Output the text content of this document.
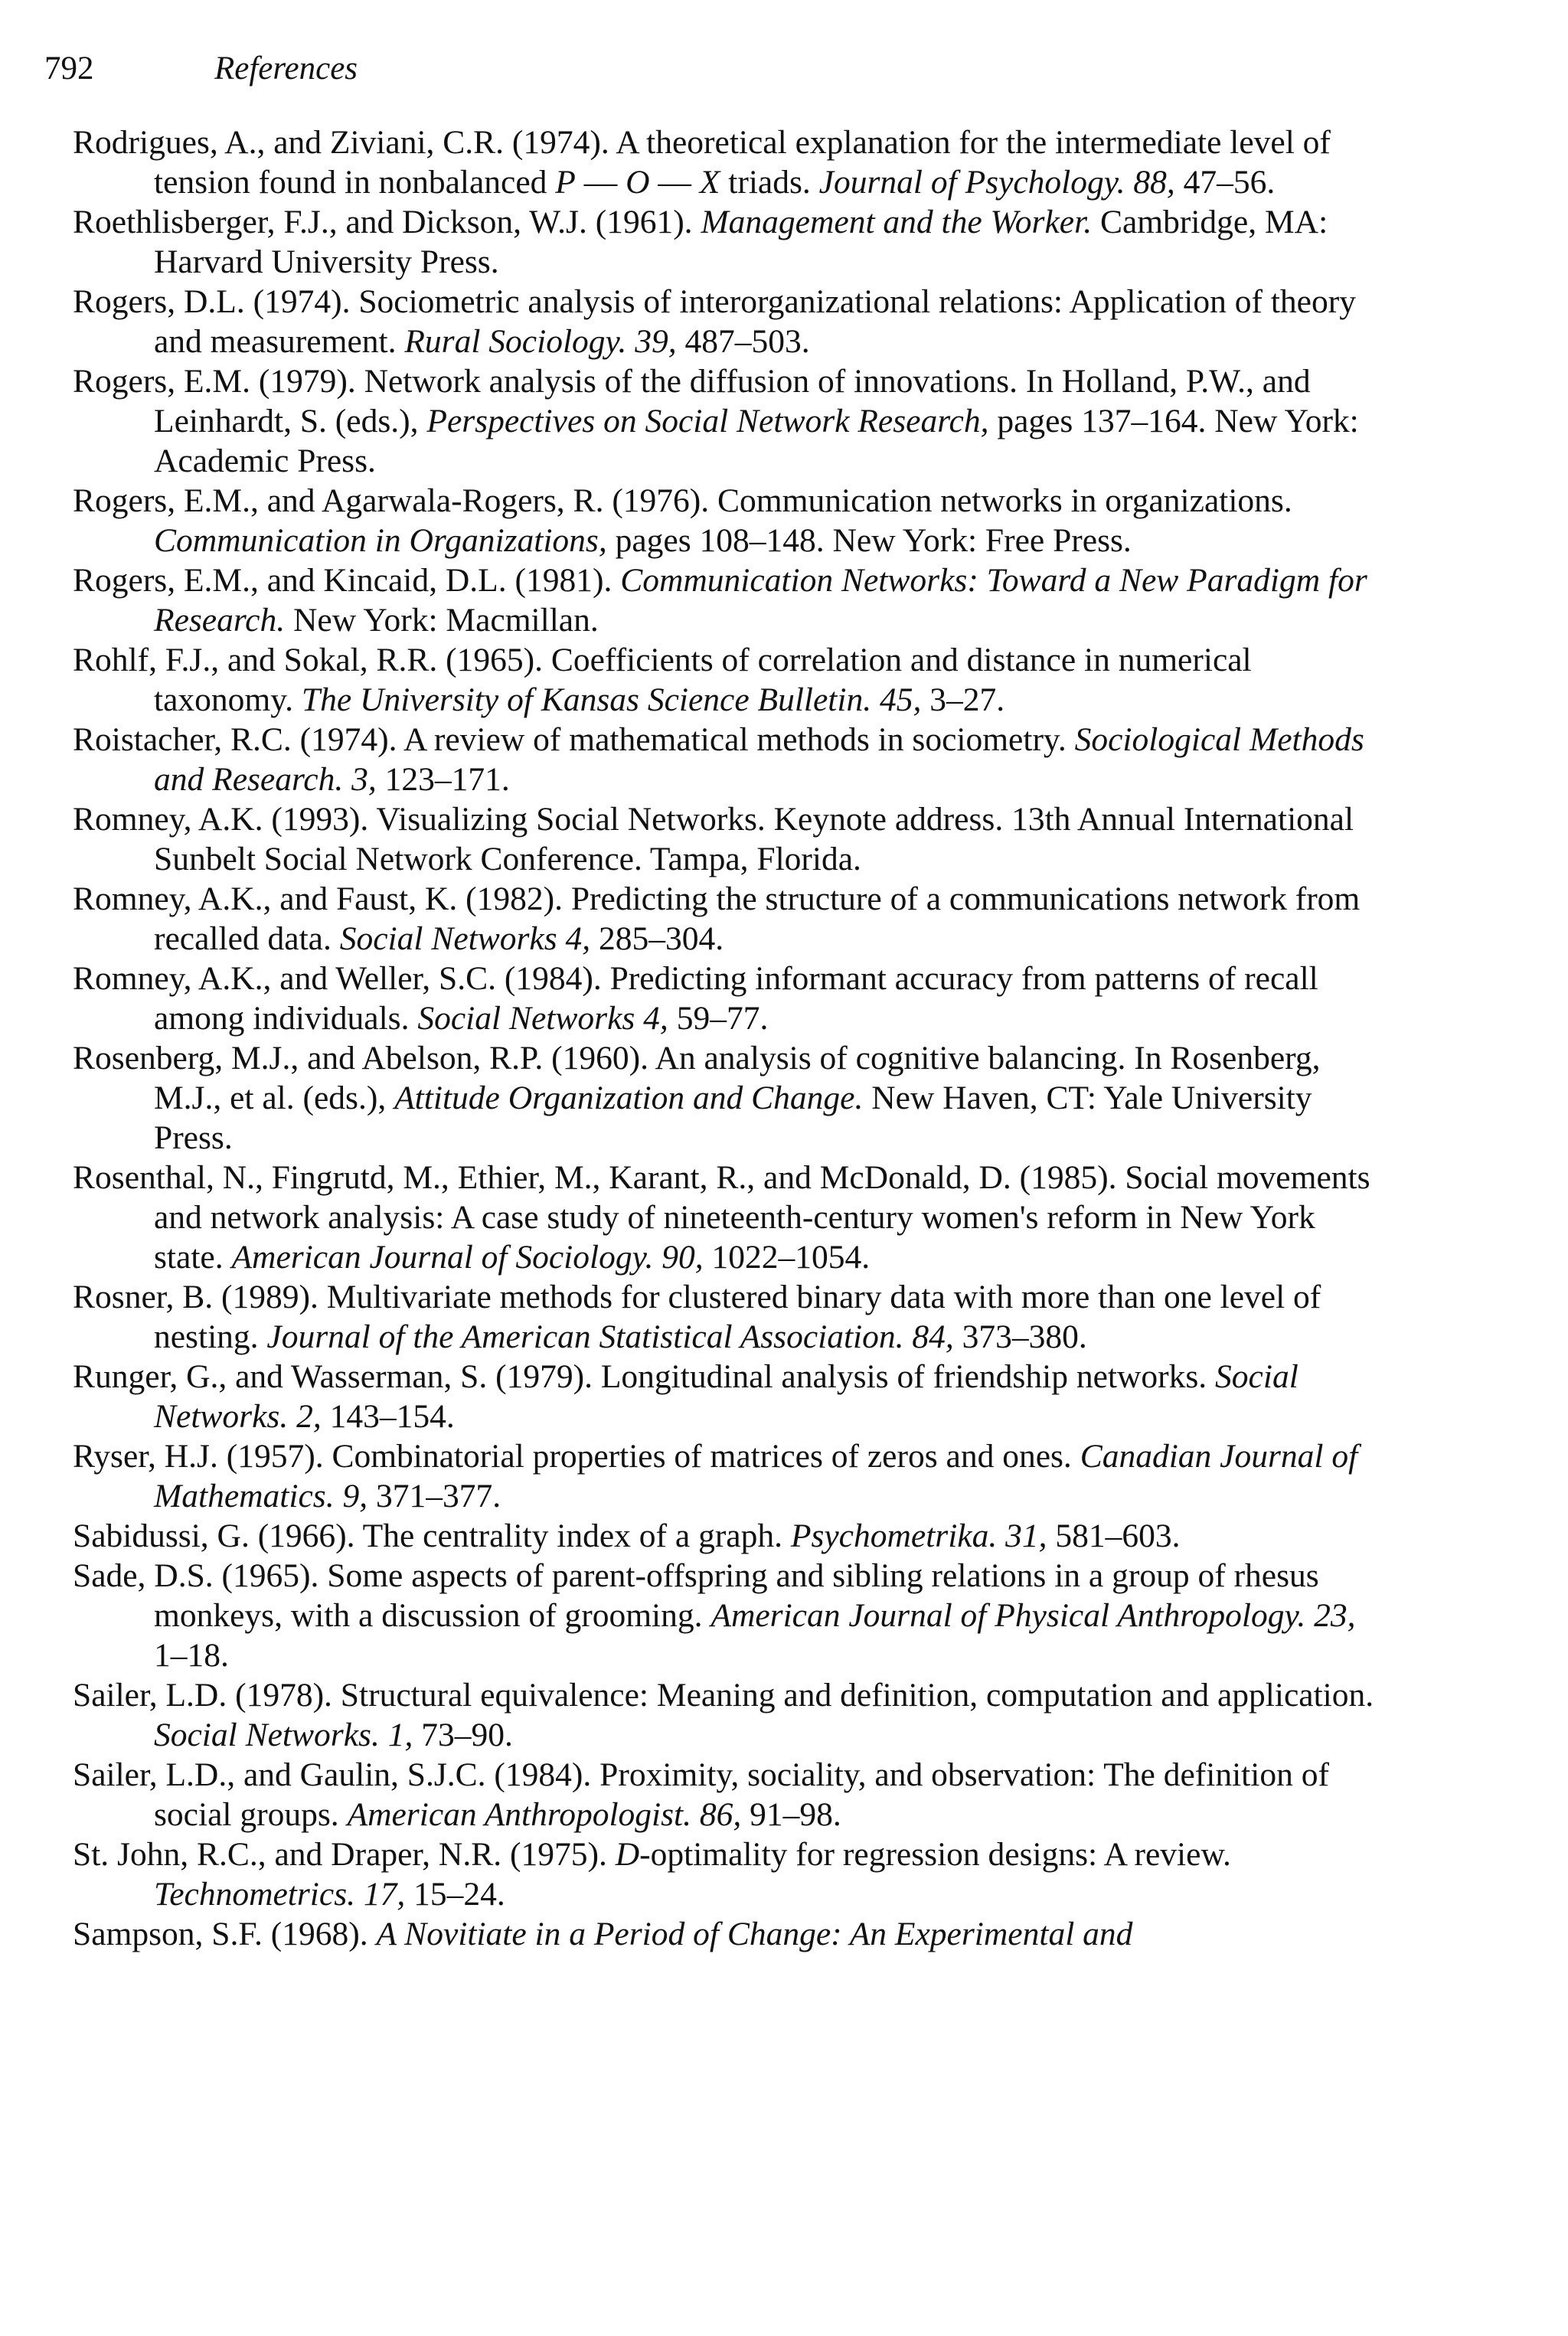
792	References

Rodrigues, A., and Ziviani, C.R. (1974). A theoretical explanation for the intermediate level of tension found in nonbalanced P — O — X triads. Journal of Psychology. 88, 47–56.

Roethlisberger, F.J., and Dickson, W.J. (1961). Management and the Worker. Cambridge, MA: Harvard University Press.

Rogers, D.L. (1974). Sociometric analysis of interorganizational relations: Application of theory and measurement. Rural Sociology. 39, 487–503.

Rogers, E.M. (1979). Network analysis of the diffusion of innovations. In Holland, P.W., and Leinhardt, S. (eds.), Perspectives on Social Network Research, pages 137–164. New York: Academic Press.

Rogers, E.M., and Agarwala-Rogers, R. (1976). Communication networks in organizations. Communication in Organizations, pages 108–148. New York: Free Press.

Rogers, E.M., and Kincaid, D.L. (1981). Communication Networks: Toward a New Paradigm for Research. New York: Macmillan.

Rohlf, F.J., and Sokal, R.R. (1965). Coefficients of correlation and distance in numerical taxonomy. The University of Kansas Science Bulletin. 45, 3–27.

Roistacher, R.C. (1974). A review of mathematical methods in sociometry. Sociological Methods and Research. 3, 123–171.

Romney, A.K. (1993). Visualizing Social Networks. Keynote address. 13th Annual International Sunbelt Social Network Conference. Tampa, Florida.

Romney, A.K., and Faust, K. (1982). Predicting the structure of a communications network from recalled data. Social Networks 4, 285–304.

Romney, A.K., and Weller, S.C. (1984). Predicting informant accuracy from patterns of recall among individuals. Social Networks 4, 59–77.

Rosenberg, M.J., and Abelson, R.P. (1960). An analysis of cognitive balancing. In Rosenberg, M.J., et al. (eds.), Attitude Organization and Change. New Haven, CT: Yale University Press.

Rosenthal, N., Fingrutd, M., Ethier, M., Karant, R., and McDonald, D. (1985). Social movements and network analysis: A case study of nineteenth-century women's reform in New York state. American Journal of Sociology. 90, 1022–1054.

Rosner, B. (1989). Multivariate methods for clustered binary data with more than one level of nesting. Journal of the American Statistical Association. 84, 373–380.

Runger, G., and Wasserman, S. (1979). Longitudinal analysis of friendship networks. Social Networks. 2, 143–154.

Ryser, H.J. (1957). Combinatorial properties of matrices of zeros and ones. Canadian Journal of Mathematics. 9, 371–377.

Sabidussi, G. (1966). The centrality index of a graph. Psychometrika. 31, 581–603.

Sade, D.S. (1965). Some aspects of parent-offspring and sibling relations in a group of rhesus monkeys, with a discussion of grooming. American Journal of Physical Anthropology. 23, 1–18.

Sailer, L.D. (1978). Structural equivalence: Meaning and definition, computation and application. Social Networks. 1, 73–90.

Sailer, L.D., and Gaulin, S.J.C. (1984). Proximity, sociality, and observation: The definition of social groups. American Anthropologist. 86, 91–98.

St. John, R.C., and Draper, N.R. (1975). D-optimality for regression designs: A review. Technometrics. 17, 15–24.

Sampson, S.F. (1968). A Novitiate in a Period of Change: An Experimental and
